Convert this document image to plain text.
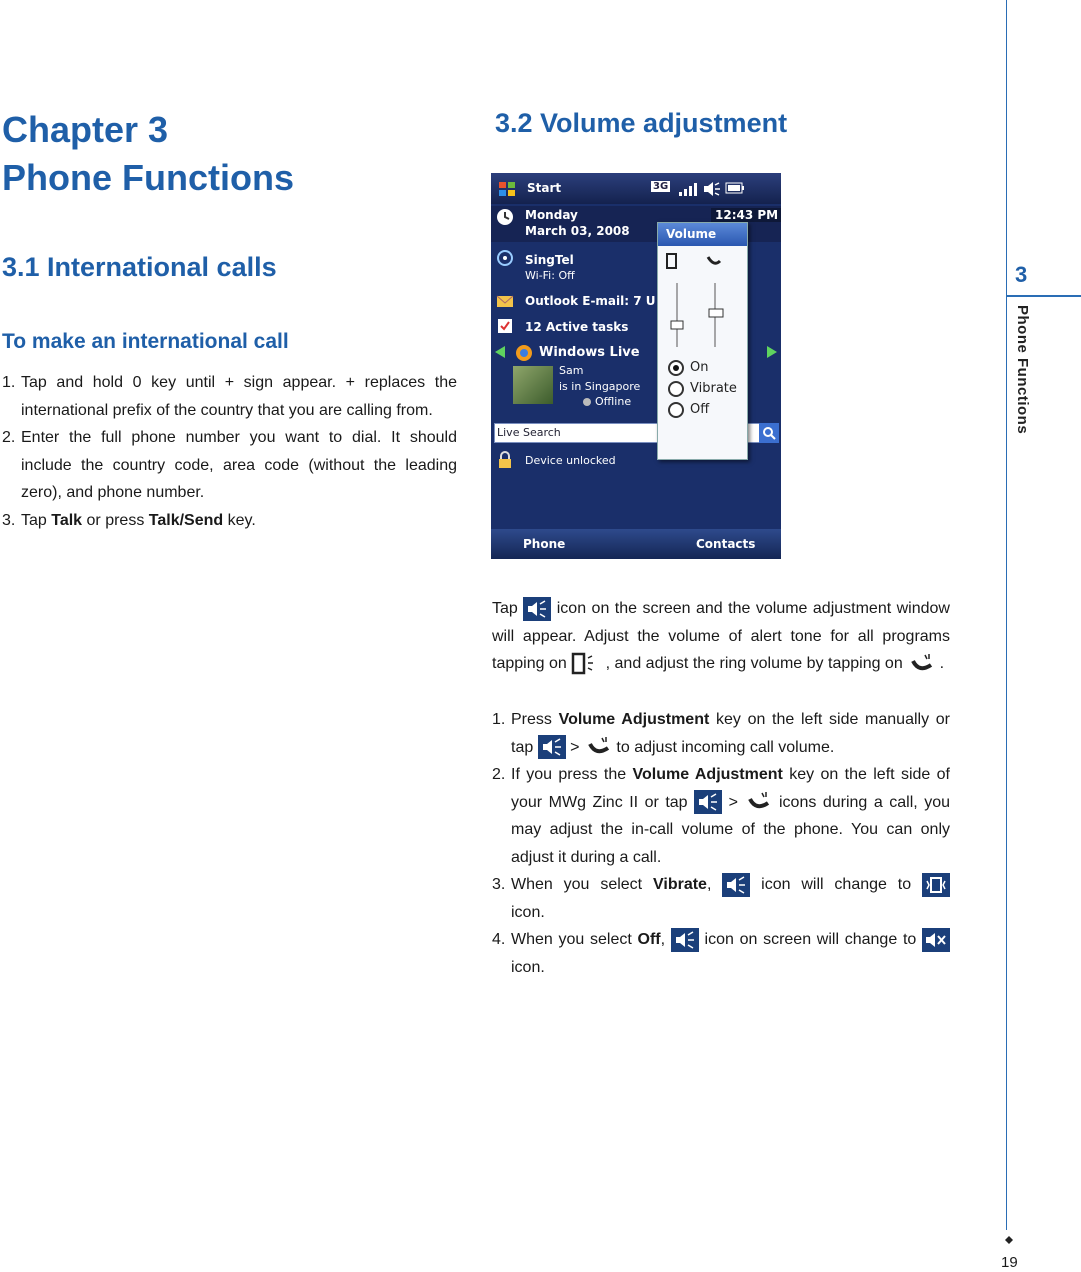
Chapter 3
Phone Functions
3.1 International calls
To make an international call
1. Tap and hold 0 key until + sign appear. + replaces the international prefix of the country that you are calling from.
2. Enter the full phone number you want to dial. It should include the country code, area code (without the leading zero), and phone number.
3. Tap Talk or press Talk/Send key.
3.2 Volume adjustment
Start	3G
Monday
March 03, 2008
12:43 PM
SingTel
Wi-Fi: Off
Outlook E-mail: 7 U
12 Active tasks
Windows Live
Sam
is in Singapore
Offline
Live Search
Device unlocked
Volume
On
Vibrate
Off
Phone	Contacts
Tap  icon on the screen and the volume adjustment window will appear. Adjust the volume of alert tone for all programs tapping on , and adjust the ring volume by tapping on .
1. Press Volume Adjustment key on the left side manually or tap >  to adjust incoming call volume.
2. If you press the Volume Adjustment key on the left side of your MWg Zinc II or tap	>	icons during a call, you may adjust the in-call volume of the phone. You can only adjust it during a call.
3. When you select Vibrate,	icon will change to  icon.
4. When you select Off, icon on screen will change to  icon.
3
Phone Functions
19
